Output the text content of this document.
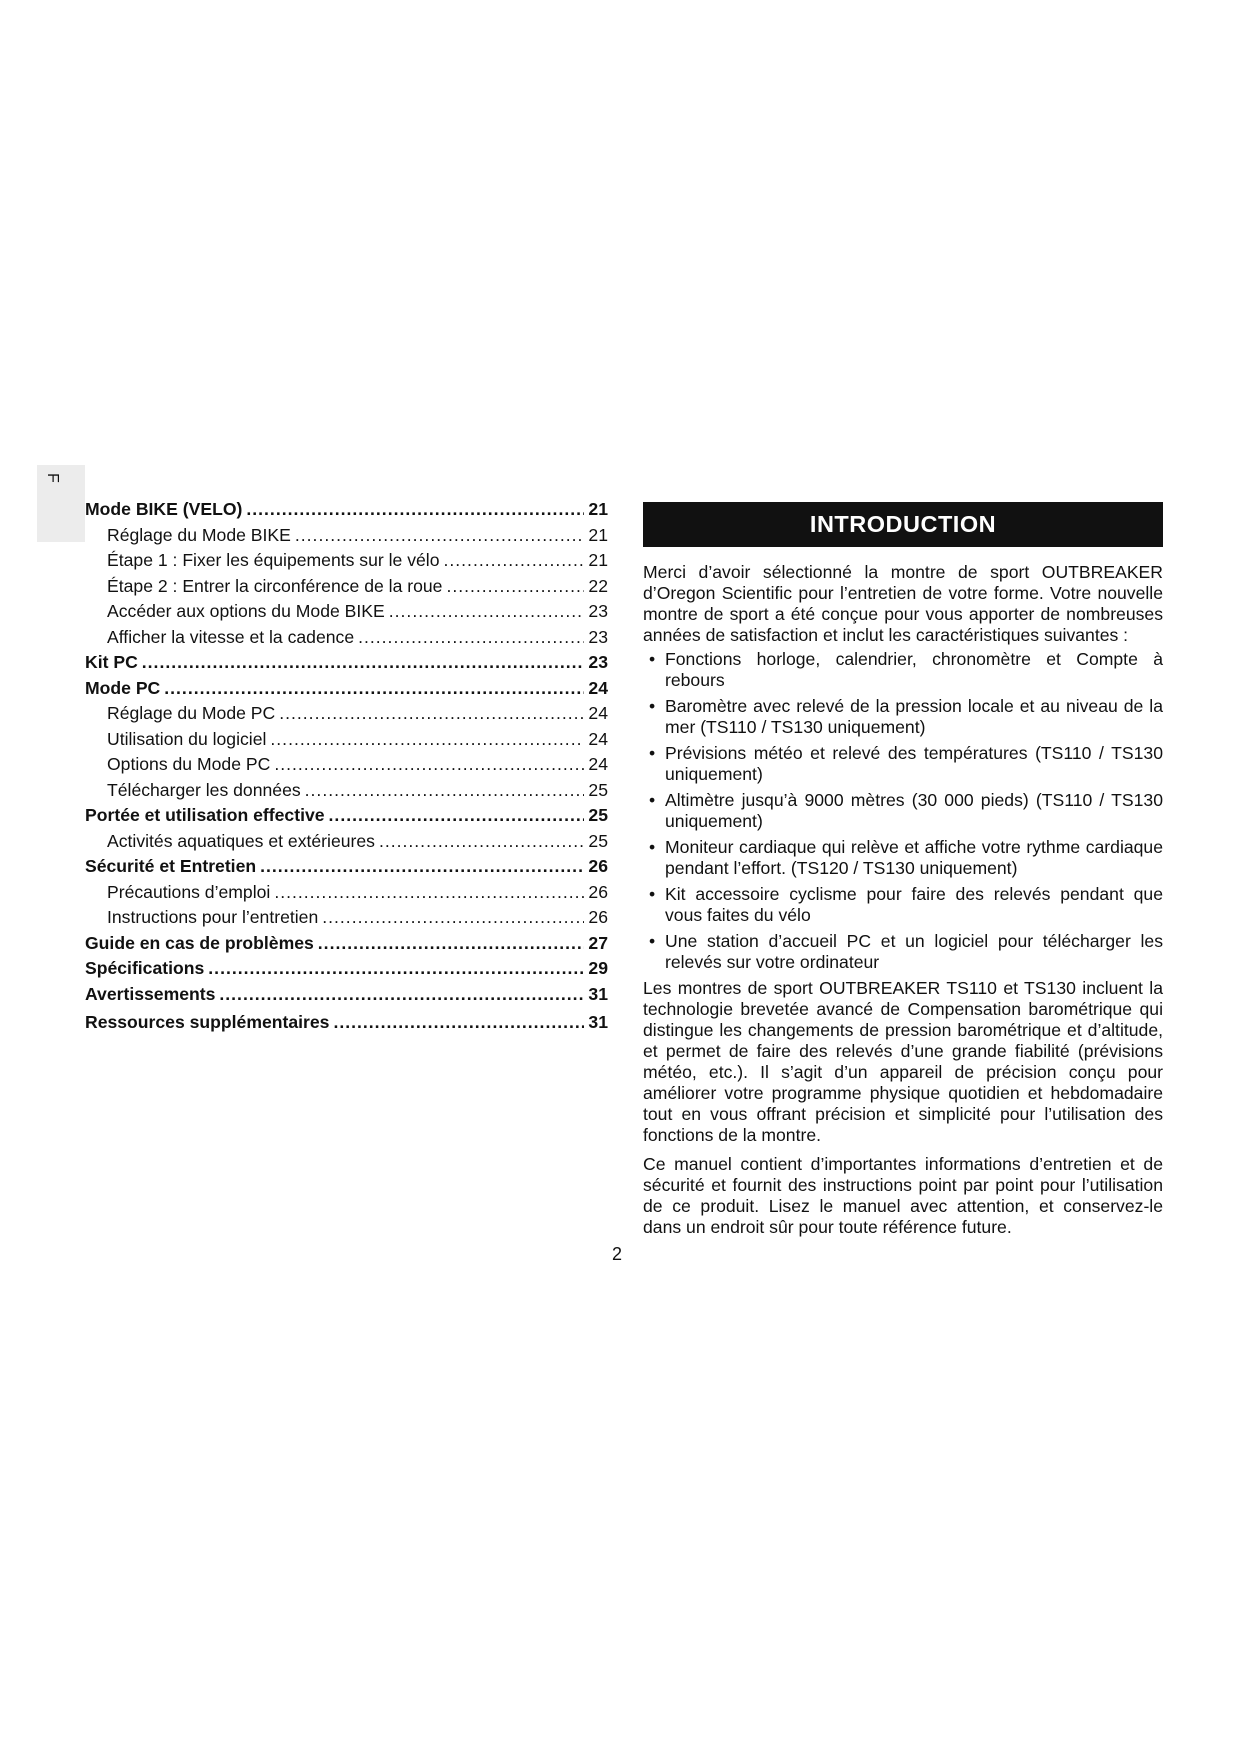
F
Mode BIKE (VELO) .....	21
Réglage du Mode BIKE .....	21
Étape 1 : Fixer les équipements sur le vélo .....	21
Étape 2 : Entrer la circonférence de la roue .....	22
Accéder aux options du Mode BIKE .....	23
Afficher la vitesse et la cadence .....	23
Kit PC .....	23
Mode PC .....	24
Réglage du Mode PC .....	24
Utilisation du logiciel .....	24
Options du Mode PC .....	24
Télécharger les données .....	25
Portée et utilisation effective .....	25
Activités aquatiques et extérieures .....	25
Sécurité et Entretien .....	26
Précautions d’emploi .....	26
Instructions pour l’entretien .....	26
Guide en cas de problèmes .....	27
Spécifications .....	29
Avertissements .....	31
Ressources supplémentaires .....	31
2
INTRODUCTION

Merci d’avoir sélectionné la montre de sport OUTBREAKER d’Oregon Scientific pour l’entretien de votre forme. Votre nouvelle montre de sport a été conçue pour vous apporter de nombreuses années de satisfaction et inclut les caractéristiques suivantes :

• Fonctions horloge, calendrier, chronomètre et Compte à rebours
• Baromètre avec relevé de la pression locale et au niveau de la mer (TS110 / TS130 uniquement)
• Prévisions météo et relevé des températures (TS110 / TS130 uniquement)
• Altimètre jusqu’à 9000 mètres (30 000 pieds) (TS110 / TS130 uniquement)
• Moniteur cardiaque qui relève et affiche votre rythme cardiaque pendant l’effort. (TS120 / TS130 uniquement)
• Kit accessoire cyclisme pour faire des relevés pendant que vous faites du vélo
• Une station d’accueil PC et un logiciel pour télécharger les relevés sur votre ordinateur

Les montres de sport OUTBREAKER TS110 et TS130 incluent la technologie brevetée avancé de Compensation barométrique qui distingue les changements de pression barométrique et d’altitude, et permet de faire des relevés d’une grande fiabilité (prévisions météo, etc.). Il s’agit d’un appareil de précision conçu pour améliorer votre programme physique quotidien et hebdomadaire tout en vous offrant précision et simplicité pour l’utilisation des fonctions de la montre.

Ce manuel contient d’importantes informations d’entretien et de sécurité et fournit des instructions point par point pour l’utilisation de ce produit. Lisez le manuel avec attention, et conservez-le dans un endroit sûr pour toute référence future.
